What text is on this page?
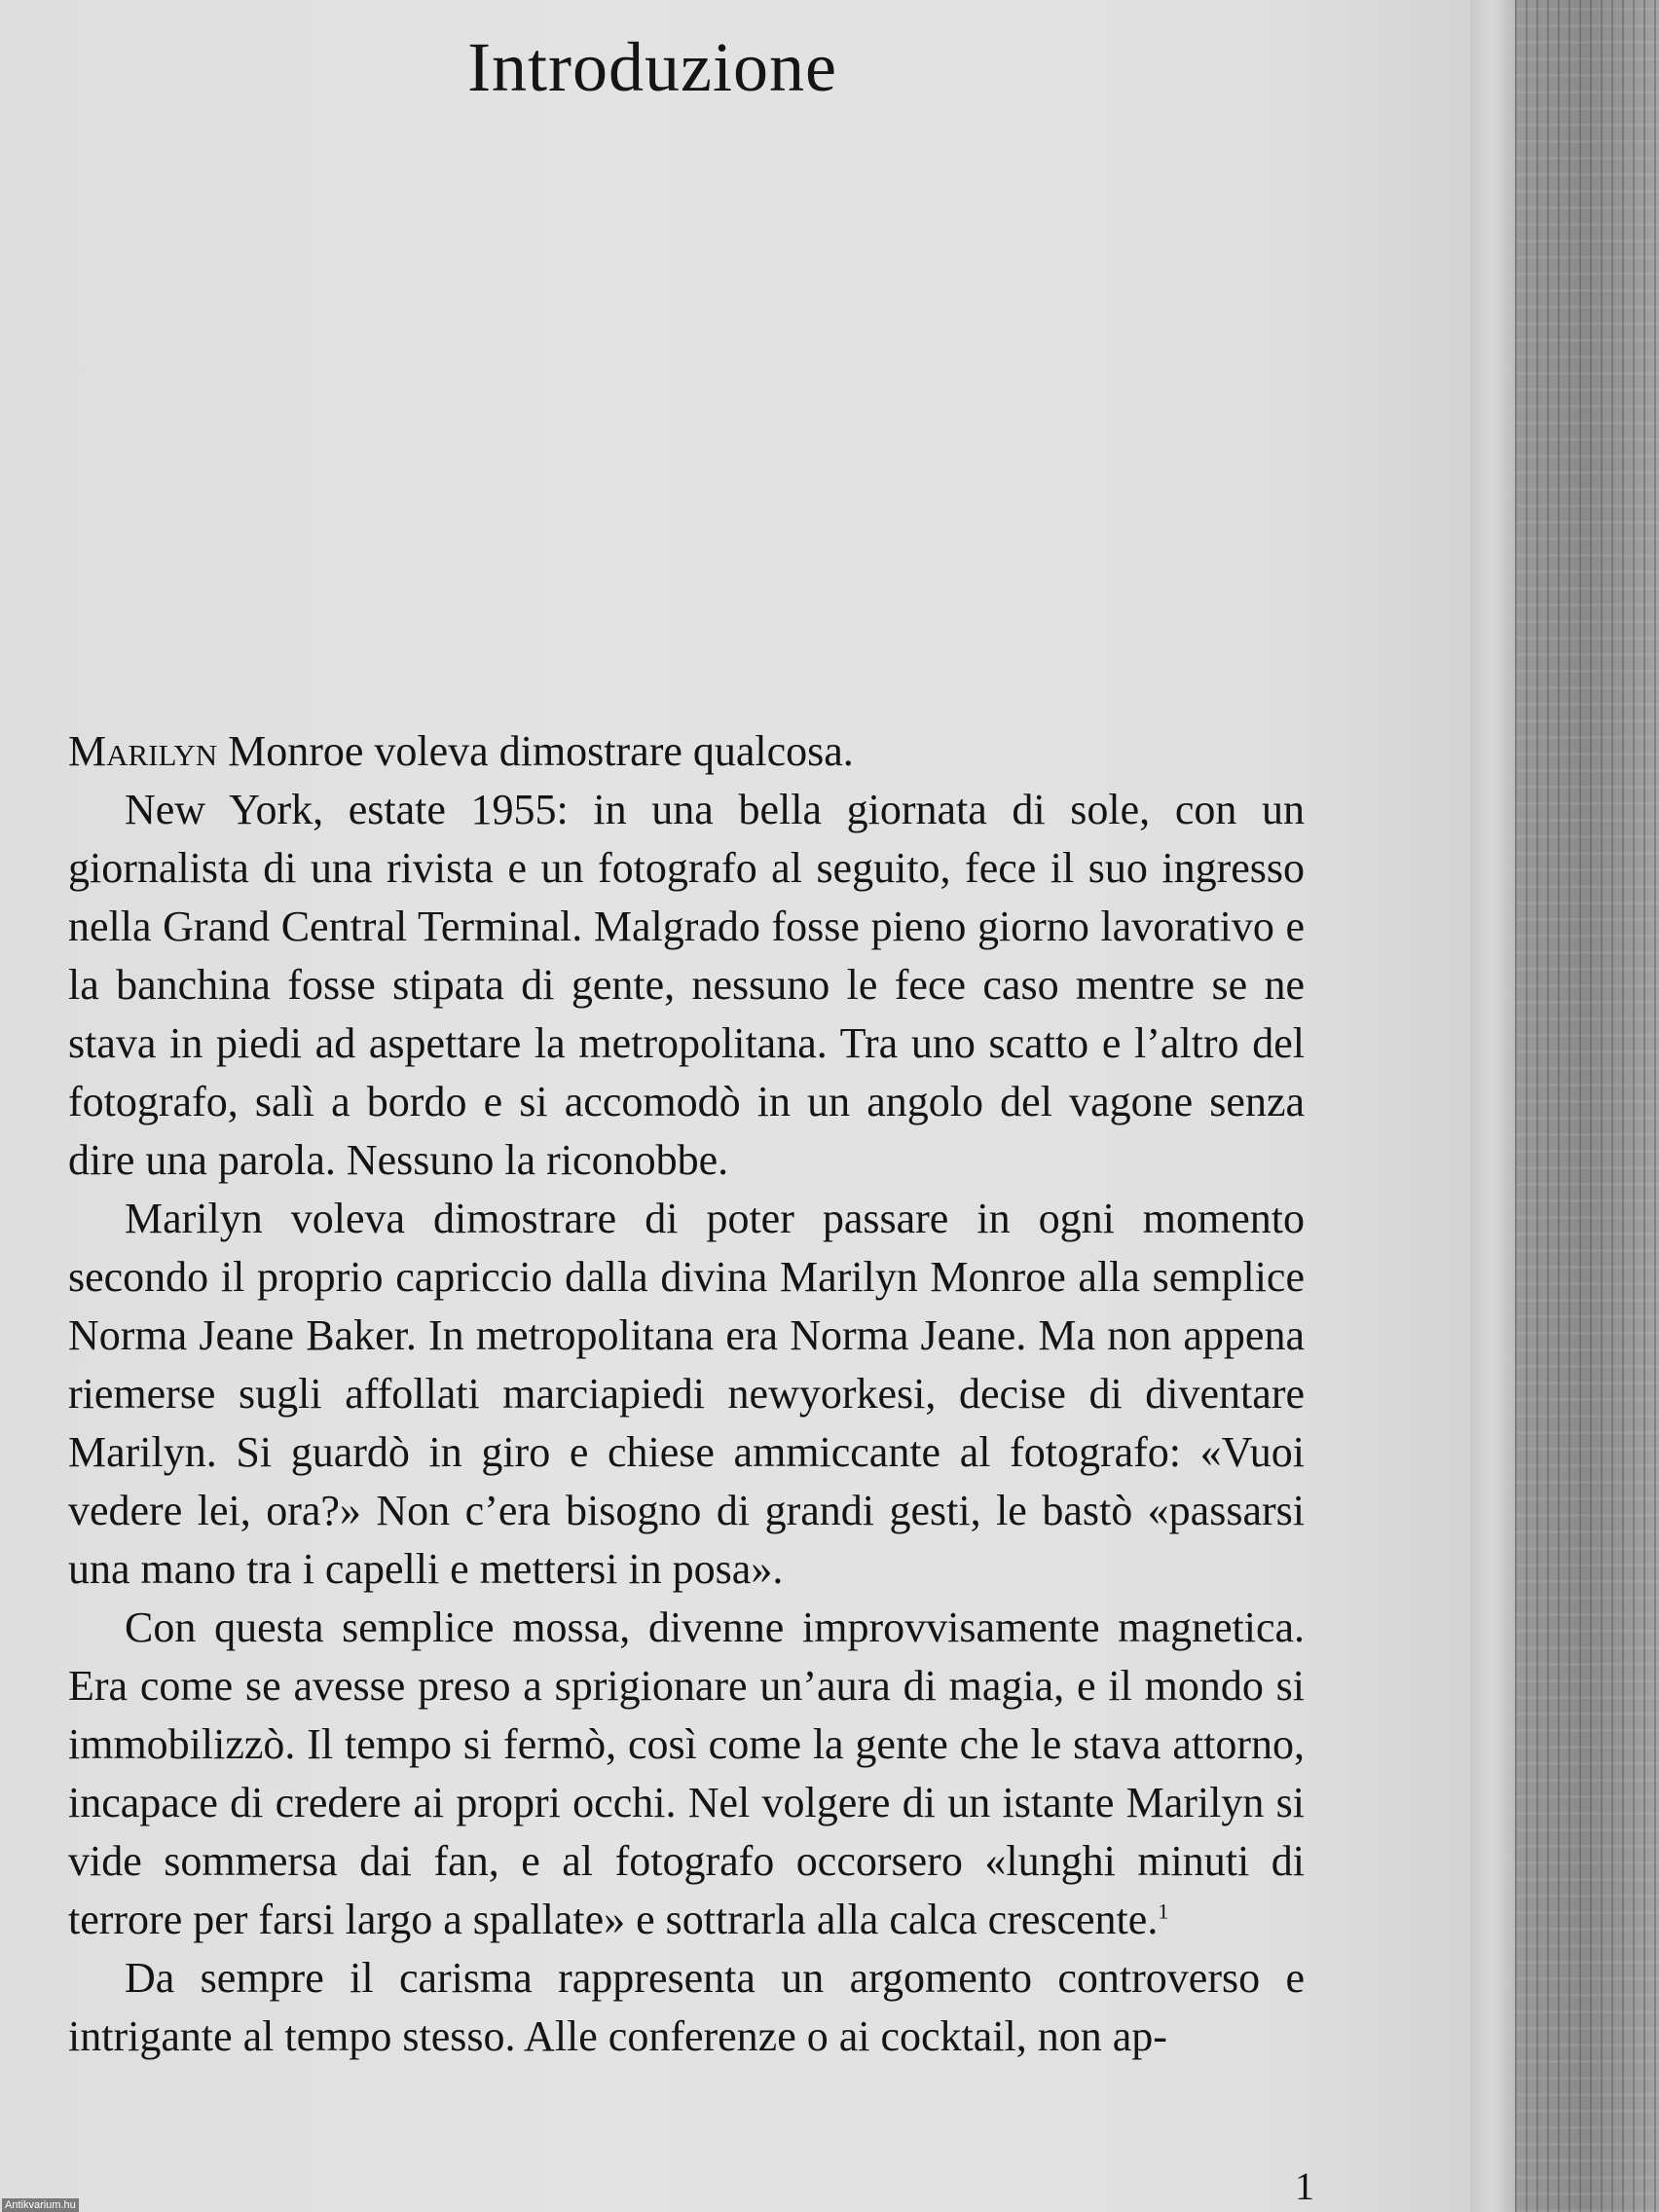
Introduzione

Marilyn Monroe voleva dimostrare qualcosa.

New York, estate 1955: in una bella giornata di sole, con un giornalista di una rivista e un fotografo al seguito, fece il suo ingresso nella Grand Central Terminal. Malgrado fosse pieno giorno lavorativo e la banchina fosse stipata di gente, nessuno le fece caso mentre se ne stava in piedi ad aspettare la metropolitana. Tra uno scatto e l’altro del fotografo, salì a bordo e si accomodò in un angolo del vagone senza dire una parola. Nessuno la riconobbe.

Marilyn voleva dimostrare di poter passare in ogni momento secondo il proprio capriccio dalla divina Marilyn Monroe alla semplice Norma Jeane Baker. In metropolitana era Norma Jeane. Ma non appena riemerse sugli affollati marciapiedi newyorkesi, decise di diventare Marilyn. Si guardò in giro e chiese ammiccante al fotografo: «Vuoi vedere lei, ora?» Non c’era bisogno di grandi gesti, le bastò «passarsi una mano tra i capelli e mettersi in posa».

Con questa semplice mossa, divenne improvvisamente magnetica. Era come se avesse preso a sprigionare un’aura di magia, e il mondo si immobilizzò. Il tempo si fermò, così come la gente che le stava attorno, incapace di credere ai propri occhi. Nel volgere di un istante Marilyn si vide sommersa dai fan, e al fotografo occorsero «lunghi minuti di terrore per farsi largo a spallate» e sottrarla alla calca crescente.$^1$

Da sempre il carisma rappresenta un argomento controverso e intrigante al tempo stesso. Alle conferenze o ai cocktail, non ap-

1
Antikvarium.hu
